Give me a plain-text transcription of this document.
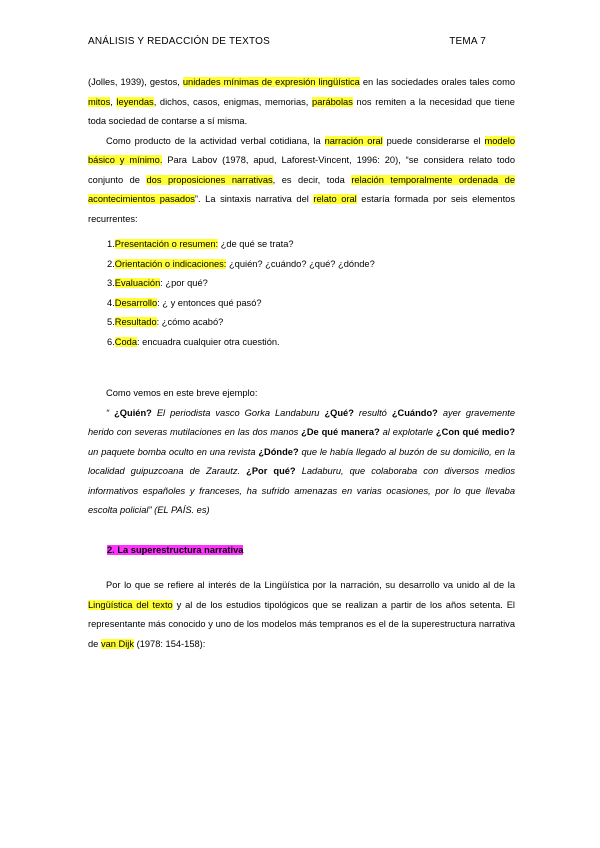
ANÁLISIS Y REDACCIÓN DE TEXTOS	TEMA 7

(Jolles, 1939), gestos, unidades mínimas de expresión lingüística en las sociedades orales tales como mitos, leyendas, dichos, casos, enigmas, memorias, parábolas nos remiten a la necesidad que tiene toda sociedad de contarse a sí misma.

Como producto de la actividad verbal cotidiana, la narración oral puede considerarse el modelo básico y mínimo. Para Labov (1978, apud, Laforest-Vincent, 1996: 20), “se considera relato todo conjunto de dos proposiciones narrativas, es decir, toda relación temporalmente ordenada de acontecimientos pasados”. La sintaxis narrativa del relato oral estaría formada por seis elementos recurrentes:

1.Presentación o resumen: ¿de qué se trata?
2.Orientación o indicaciones: ¿quién? ¿cuándo? ¿qué? ¿dónde?
3.Evaluación: ¿por qué?
4.Desarrollo: ¿ y entonces qué pasó?
5.Resultado: ¿cómo acabó?
6.Coda: encuadra cualquier otra cuestión.

Como vemos en este breve ejemplo:

“ ¿Quién? El periodista vasco Gorka Landaburu ¿Qué? resultó ¿Cuándo? ayer gravemente herido con severas mutilaciones en las dos manos ¿De qué manera? al explotarle ¿Con qué medio? un paquete bomba oculto en una revista ¿Dónde? que le había llegado al buzón de su domicilio, en la localidad guipuzcoana de Zarautz. ¿Por qué? Ladaburu, que colaboraba con diversos medios informativos españoles y franceses, ha sufrido amenazas en varias ocasiones, por lo que llevaba escolta policial” (EL PAÍS. es)

2. La superestructura narrativa

Por lo que se refiere al interés de la Lingüística por la narración, su desarrollo va unido al de la Lingüística del texto y al de los estudios tipológicos que se realizan a partir de los años setenta. El representante más conocido y uno de los modelos más tempranos es el de la superestructura narrativa de van Dijk (1978: 154-158):
